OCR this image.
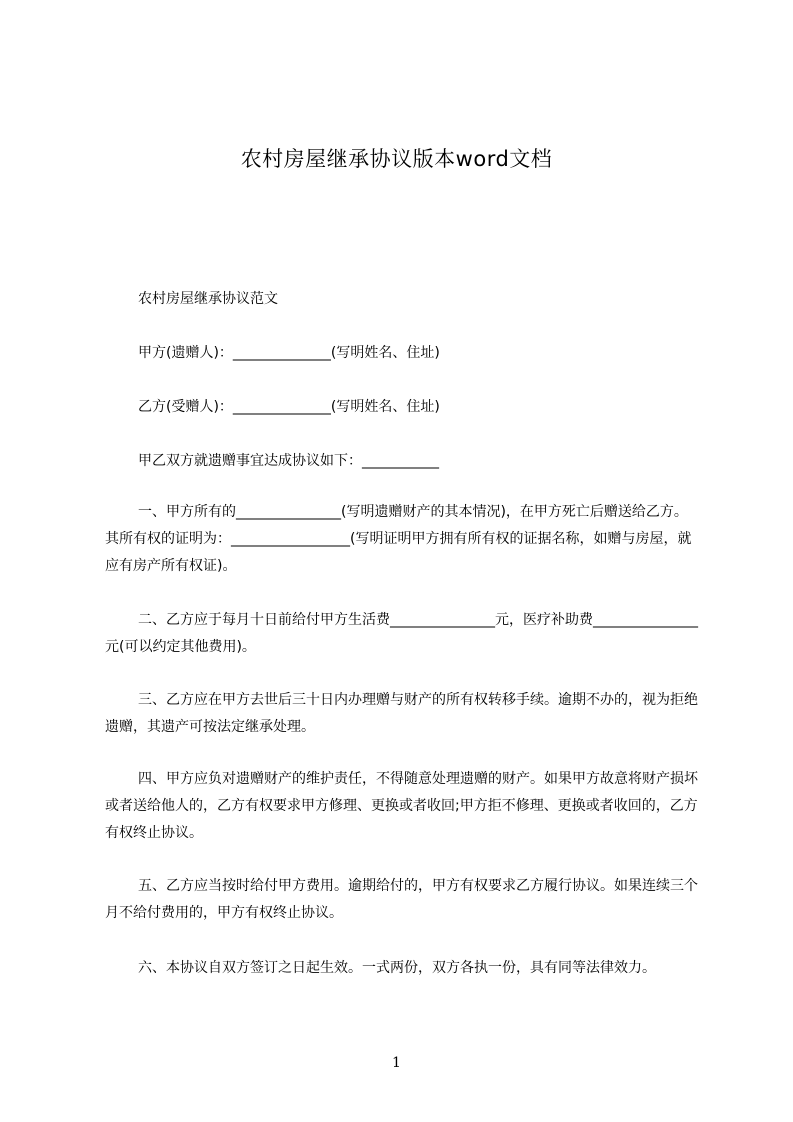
农村房屋继承协议版本word文档
农村房屋继承协议范文
甲方(遗赠人)：______________(写明姓名、住址)
乙方(受赠人)：______________(写明姓名、住址)
甲乙双方就遗赠事宜达成协议如下：___________
一、甲方所有的_______________(写明遗赠财产的其本情况)，在甲方死亡后赠送给乙方。其所有权的证明为：_________________(写明证明甲方拥有所有权的证据名称，如赠与房屋，就应有房产所有权证)。
二、乙方应于每月十日前给付甲方生活费_______________元，医疗补助费_______________元(可以约定其他费用)。
三、乙方应在甲方去世后三十日内办理赠与财产的所有权转移手续。逾期不办的，视为拒绝遗赠，其遗产可按法定继承处理。
四、甲方应负对遗赠财产的维护责任，不得随意处理遗赠的财产。如果甲方故意将财产损坏或者送给他人的，乙方有权要求甲方修理、更换或者收回;甲方拒不修理、更换或者收回的，乙方有权终止协议。
五、乙方应当按时给付甲方费用。逾期给付的，甲方有权要求乙方履行协议。如果连续三个月不给付费用的，甲方有权终止协议。
六、本协议自双方签订之日起生效。一式两份，双方各执一份，具有同等法律效力。
1
